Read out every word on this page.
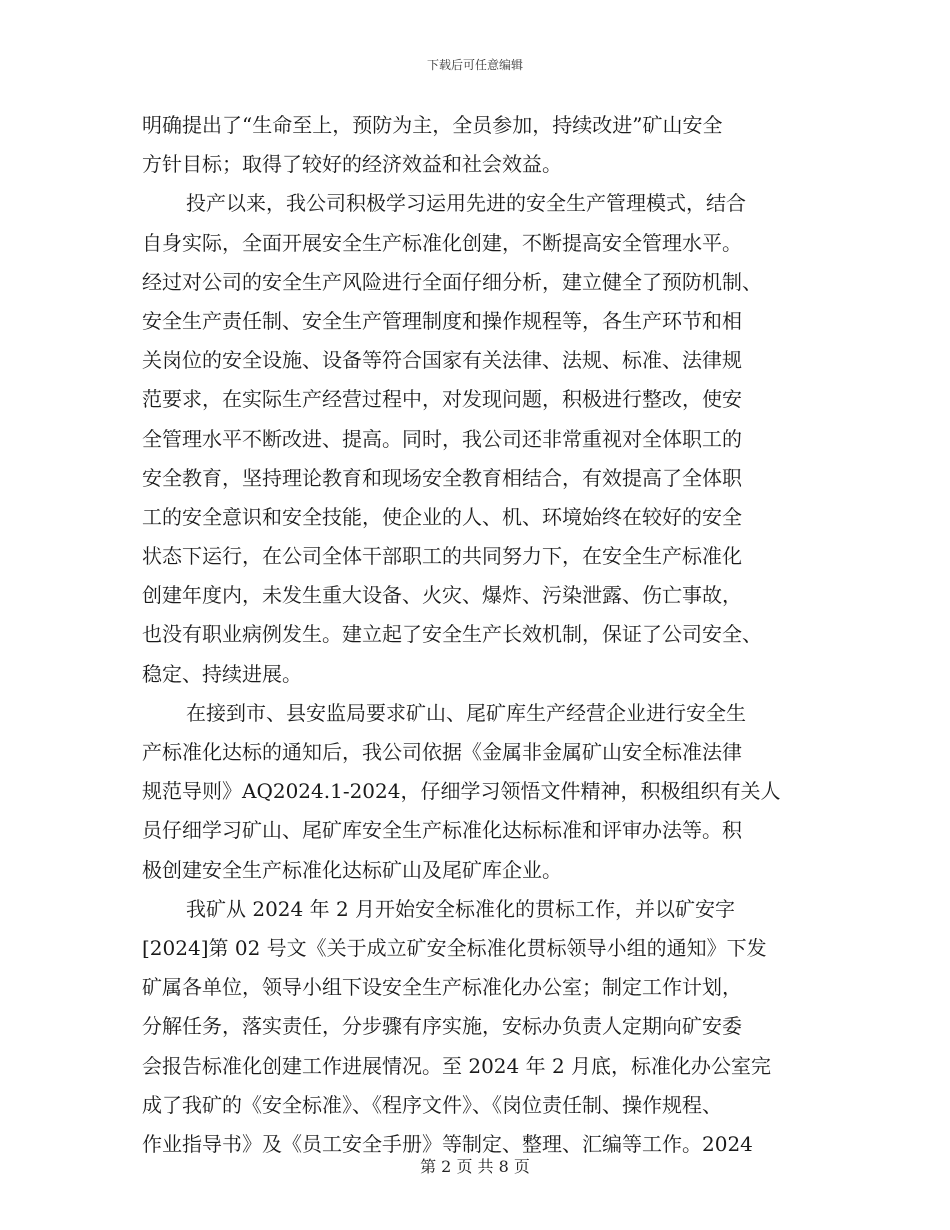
下载后可任意编辑
明确提出了“生命至上，预防为主，全员参加，持续改进”矿山安全
方针目标；取得了较好的经济效益和社会效益。
投产以来，我公司积极学习运用先进的安全生产管理模式，结合
自身实际，全面开展安全生产标准化创建，不断提高安全管理水平。
经过对公司的安全生产风险进行全面仔细分析，建立健全了预防机制、
安全生产责任制、安全生产管理制度和操作规程等，各生产环节和相
关岗位的安全设施、设备等符合国家有关法律、法规、标准、法律规
范要求，在实际生产经营过程中，对发现问题，积极进行整改，使安
全管理水平不断改进、提高。同时，我公司还非常重视对全体职工的
安全教育，坚持理论教育和现场安全教育相结合，有效提高了全体职
工的安全意识和安全技能，使企业的人、机、环境始终在较好的安全
状态下运行，在公司全体干部职工的共同努力下，在安全生产标准化
创建年度内，未发生重大设备、火灾、爆炸、污染泄露、伤亡事故，
也没有职业病例发生。建立起了安全生产长效机制，保证了公司安全、
稳定、持续进展。
在接到市、县安监局要求矿山、尾矿库生产经营企业进行安全生
产标准化达标的通知后，我公司依据《金属非金属矿山安全标准法律
规范导则》AQ2024.1-2024，仔细学习领悟文件精神，积极组织有关人
员仔细学习矿山、尾矿库安全生产标准化达标标准和评审办法等。积
极创建安全生产标准化达标矿山及尾矿库企业。
我矿从 2024 年 2 月开始安全标准化的贯标工作，并以矿安字
[2024]第 02 号文《关于成立矿安全标准化贯标领导小组的通知》下发
矿属各单位，领导小组下设安全生产标准化办公室；制定工作计划，
分解任务，落实责任，分步骤有序实施，安标办负责人定期向矿安委
会报告标准化创建工作进展情况。至 2024 年 2 月底，标准化办公室完
成了我矿的《安全标准》、《程序文件》、《岗位责任制、操作规程、
作业指导书》及《员工安全手册》等制定、整理、汇编等工作。2024
第 2 页 共 8 页
